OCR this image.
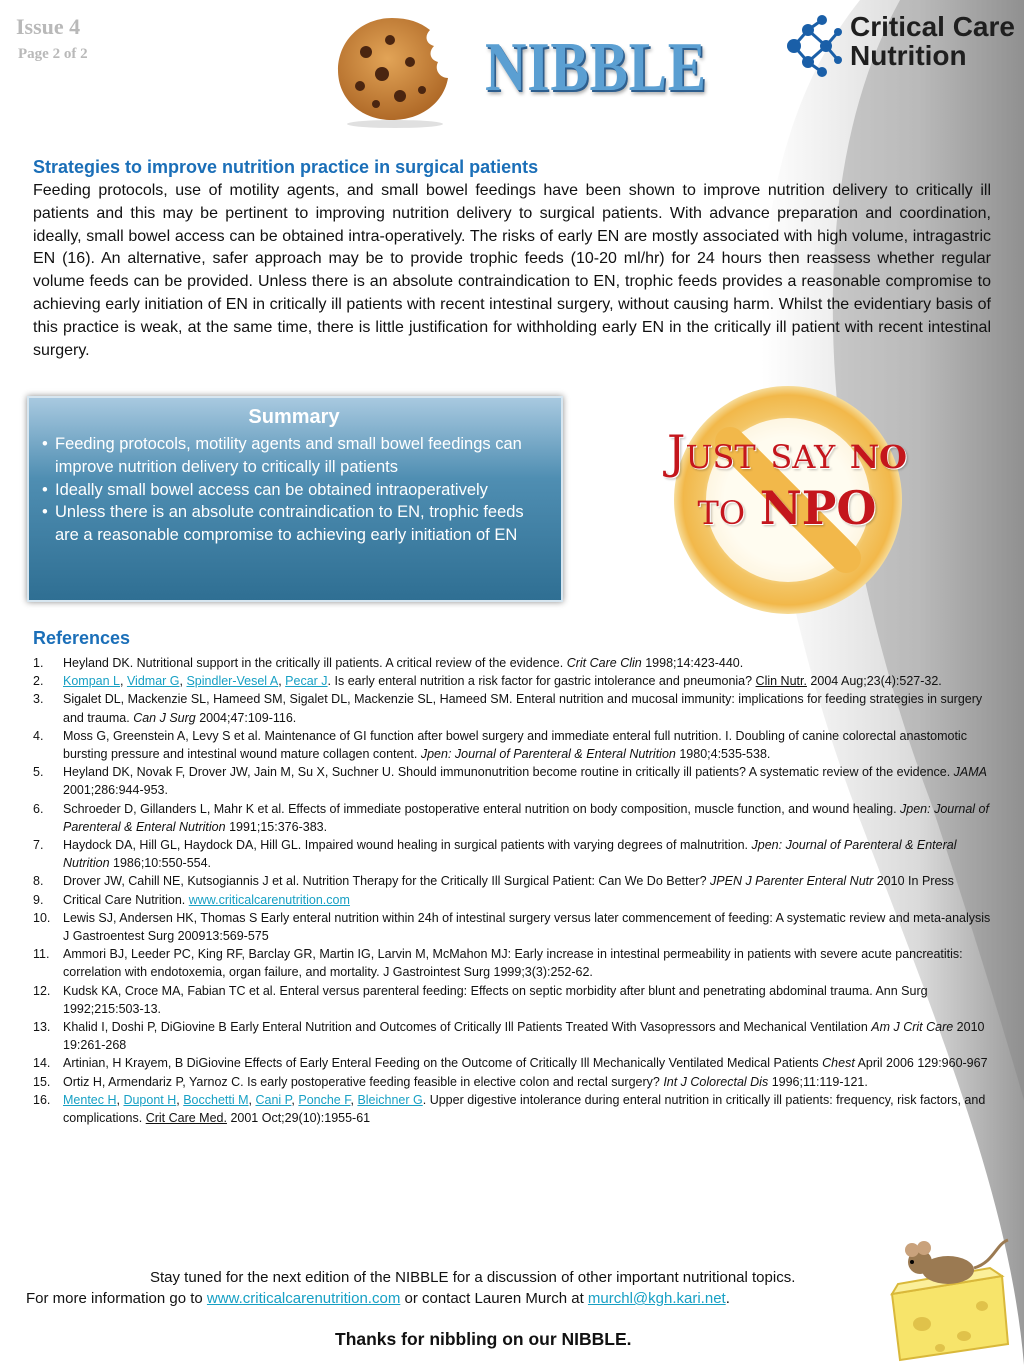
Issue 4
Page 2 of 2	NIBBLE
Critical Care
Nutrition
Strategies to improve nutrition practice in surgical patients
Feeding protocols, use of motility agents, and small bowel feedings have been shown to improve nutrition delivery to critically ill patients and this may be pertinent to improving nutrition delivery to surgical patients. With advance preparation and coordination, ideally, small bowel access can be obtained intra-operatively. The risks of early EN are mostly associated with high volume, intragastric EN (16). An alternative, safer approach may be to provide trophic feeds (10-20 ml/hr) for 24 hours then reassess whether regular volume feeds can be provided. Unless there is an absolute contraindication to EN, trophic feeds provides a reasonable compromise to achieving early initiation of EN in critically ill patients with recent intestinal surgery, without causing harm. Whilst the evidentiary basis of this practice is weak, at the same time, there is little justification for withholding early EN in the critically ill patient with recent intestinal surgery.
Summary
• Feeding protocols, motility agents and small bowel feedings can improve nutrition delivery to critically ill patients
• Ideally small bowel access can be obtained intraoperatively
• Unless there is an absolute contraindication to EN, trophic feeds are a reasonable compromise to achieving early initiation of EN
Just say no
to NPO
References
1.	Heyland DK. Nutritional support in the critically ill patients. A critical review of the evidence. Crit Care Clin 1998;14:423-440.
2.	Kompan L, Vidmar G, Spindler-Vesel A, Pecar J. Is early enteral nutrition a risk factor for gastric intolerance and pneumonia? Clin Nutr. 2004 Aug;23(4):527-32.
3.	Sigalet DL, Mackenzie SL, Hameed SM, Sigalet DL, Mackenzie SL, Hameed SM. Enteral nutrition and mucosal immunity: implications for feeding strategies in surgery and trauma. Can J Surg 2004;47:109-116.
4.	Moss G, Greenstein A, Levy S et al. Maintenance of GI function after bowel surgery and immediate enteral full nutrition. I. Doubling of canine colorectal anastomotic bursting pressure and intestinal wound mature collagen content. Jpen: Journal of Parenteral & Enteral Nutrition 1980;4:535-538.
5.	Heyland DK, Novak F, Drover JW, Jain M, Su X, Suchner U. Should immunonutrition become routine in critically ill patients? A systematic review of the evidence. JAMA 2001;286:944-953.
6.	Schroeder D, Gillanders L, Mahr K et al. Effects of immediate postoperative enteral nutrition on body composition, muscle function, and wound healing. Jpen: Journal of Parenteral & Enteral Nutrition 1991;15:376-383.
7.	Haydock DA, Hill GL, Haydock DA, Hill GL. Impaired wound healing in surgical patients with varying degrees of malnutrition. Jpen: Journal of Parenteral & Enteral Nutrition 1986;10:550-554.
8.	Drover JW, Cahill NE, Kutsogiannis J et al. Nutrition Therapy for the Critically Ill Surgical Patient: Can We Do Better? JPEN J Parenter Enteral Nutr 2010 In Press
9.	Critical Care Nutrition. www.criticalcarenutrition.com
10.	Lewis SJ, Andersen HK, Thomas S Early enteral nutrition within 24h of intestinal surgery versus later commencement of feeding: A systematic review and meta-analysis J Gastroentest Surg 200913:569-575
11.	Ammori BJ, Leeder PC, King RF, Barclay GR, Martin IG, Larvin M, McMahon MJ: Early increase in intestinal permeability in patients with severe acute pancreatitis: correlation with endotoxemia, organ failure, and mortality. J Gastrointest Surg 1999;3(3):252-62.
12.	Kudsk KA, Croce MA, Fabian TC et al. Enteral versus parenteral feeding: Effects on septic morbidity after blunt and penetrating abdominal trauma. Ann Surg 1992;215:503-13.
13.	Khalid I, Doshi P, DiGiovine B Early Enteral Nutrition and Outcomes of Critically Ill Patients Treated With Vasopressors and Mechanical Ventilation Am J Crit Care 2010 19:261-268
14.	Artinian, H Krayem, B DiGiovine Effects of Early Enteral Feeding on the Outcome of Critically Ill Mechanically Ventilated Medical Patients Chest April 2006 129:960-967
15.	Ortiz H, Armendariz P, Yarnoz C. Is early postoperative feeding feasible in elective colon and rectal surgery? Int J Colorectal Dis 1996;11:119-121.
16.	Mentec H, Dupont H, Bocchetti M, Cani P, Ponche F, Bleichner G. Upper digestive intolerance during enteral nutrition in critically ill patients: frequency, risk factors, and complications. Crit Care Med. 2001 Oct;29(10):1955-61
Stay tuned for the next edition of the NIBBLE for a discussion of other important nutritional topics.
For more information go to www.criticalcarenutrition.com or contact Lauren Murch at murchl@kgh.kari.net.
Thanks for nibbling on our NIBBLE.
